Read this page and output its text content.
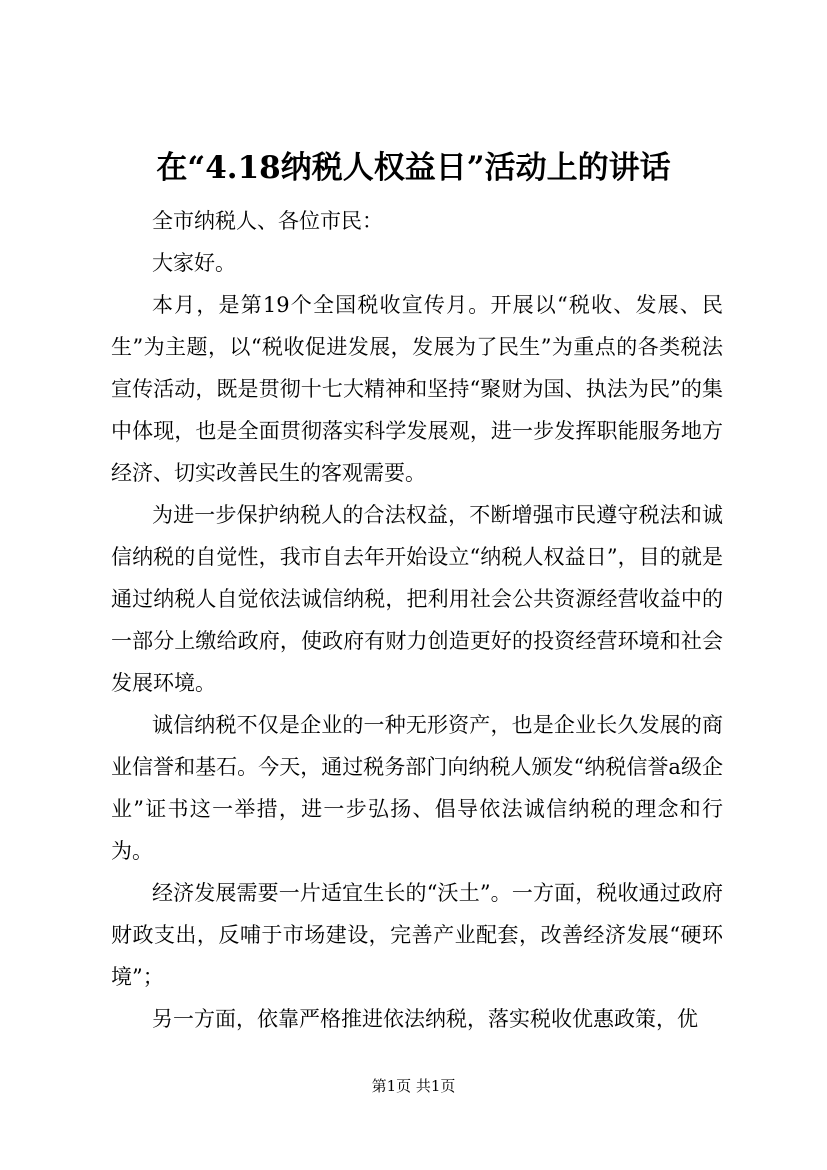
在“4.18纳税人权益日”活动上的讲话

全市纳税人、各位市民：

大家好。

本月，是第19个全国税收宣传月。开展以“税收、发展、民生”为主题，以“税收促进发展，发展为了民生”为重点的各类税法宣传活动，既是贯彻十七大精神和坚持“聚财为国、执法为民”的集中体现，也是全面贯彻落实科学发展观，进一步发挥职能服务地方经济、切实改善民生的客观需要。

为进一步保护纳税人的合法权益，不断增强市民遵守税法和诚信纳税的自觉性，我市自去年开始设立“纳税人权益日”，目的就是通过纳税人自觉依法诚信纳税，把利用社会公共资源经营收益中的一部分上缴给政府，使政府有财力创造更好的投资经营环境和社会发展环境。

诚信纳税不仅是企业的一种无形资产，也是企业长久发展的商业信誉和基石。今天，通过税务部门向纳税人颁发“纳税信誉a级企业”证书这一举措，进一步弘扬、倡导依法诚信纳税的理念和行为。

经济发展需要一片适宜生长的“沃土”。一方面，税收通过政府财政支出，反哺于市场建设，完善产业配套，改善经济发展“硬环境”；

另一方面，依靠严格推进依法纳税，落实税收优惠政策，优

第1页 共1页
